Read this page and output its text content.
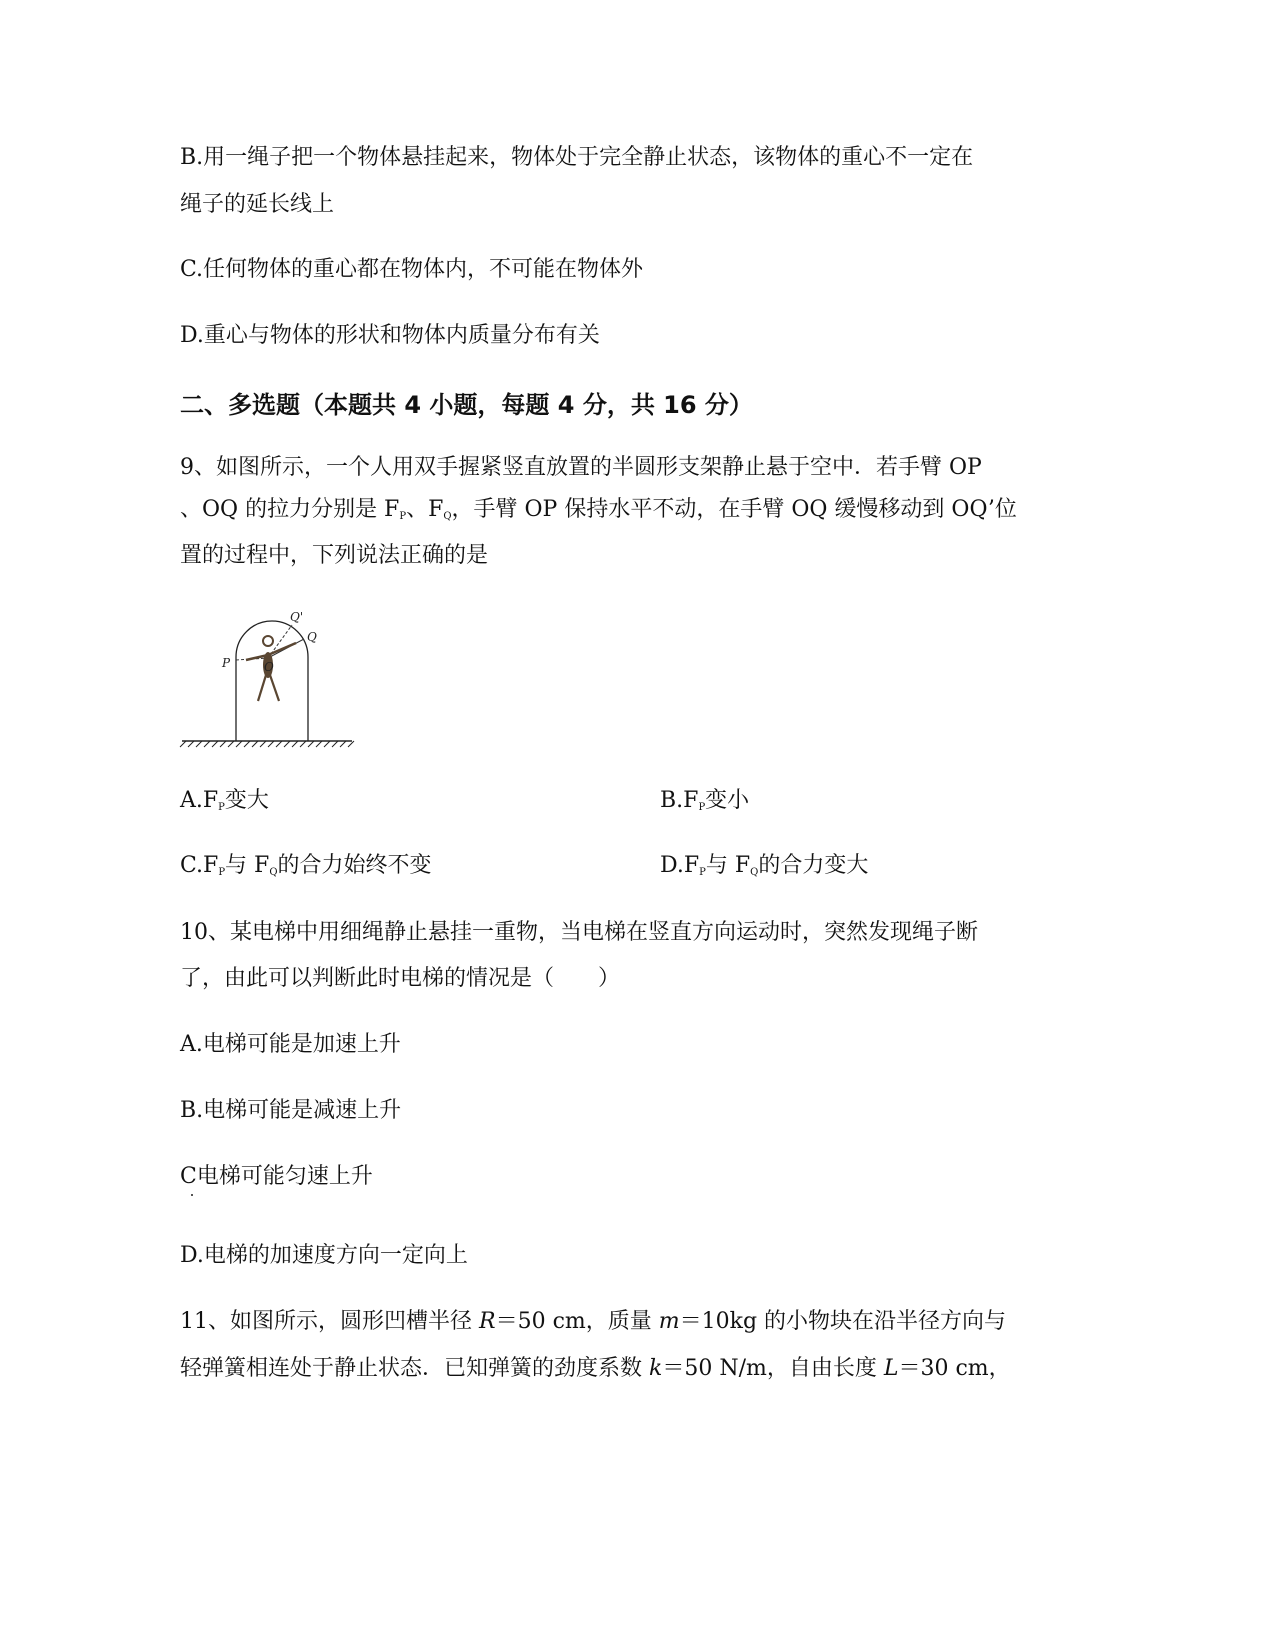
B.用一绳子把一个物体悬挂起来，物体处于完全静止状态，该物体的重心不一定在
绳子的延长线上
C.任何物体的重心都在物体内，不可能在物体外
D.重心与物体的形状和物体内质量分布有关
二、多选题（本题共 4 小题，每题 4 分，共 16 分）
9、如图所示，一个人用双手握紧竖直放置的半圆形支架静止悬于空中．若手臂 OP
、OQ 的拉力分别是 $F_P$、$F_Q$，手臂 OP 保持水平不动，在手臂 OQ 缓慢移动到 OQ’位
置的过程中，下列说法正确的是
P	O
Q
Q'
$A.F_P$变大	$B.F_P$变小
$C.F_P$与 $F_Q$的合力始终不变	$D.F_P$与 $F_Q$的合力变大
10、某电梯中用细绳静止悬挂一重物，当电梯在竖直方向运动时，突然发现绳子断
了，由此可以判断此时电梯的情况是（　　）
A.电梯可能是加速上升
B.电梯可能是减速上升
C电梯可能匀速上升
D.电梯的加速度方向一定向上
11、如图所示，圆形凹槽半径 R＝50 cm，质量 m＝10kg 的小物块在沿半径方向与
轻弹簧相连处于静止状态．已知弹簧的劲度系数 k＝50 N/m，自由长度 L＝30 cm，
